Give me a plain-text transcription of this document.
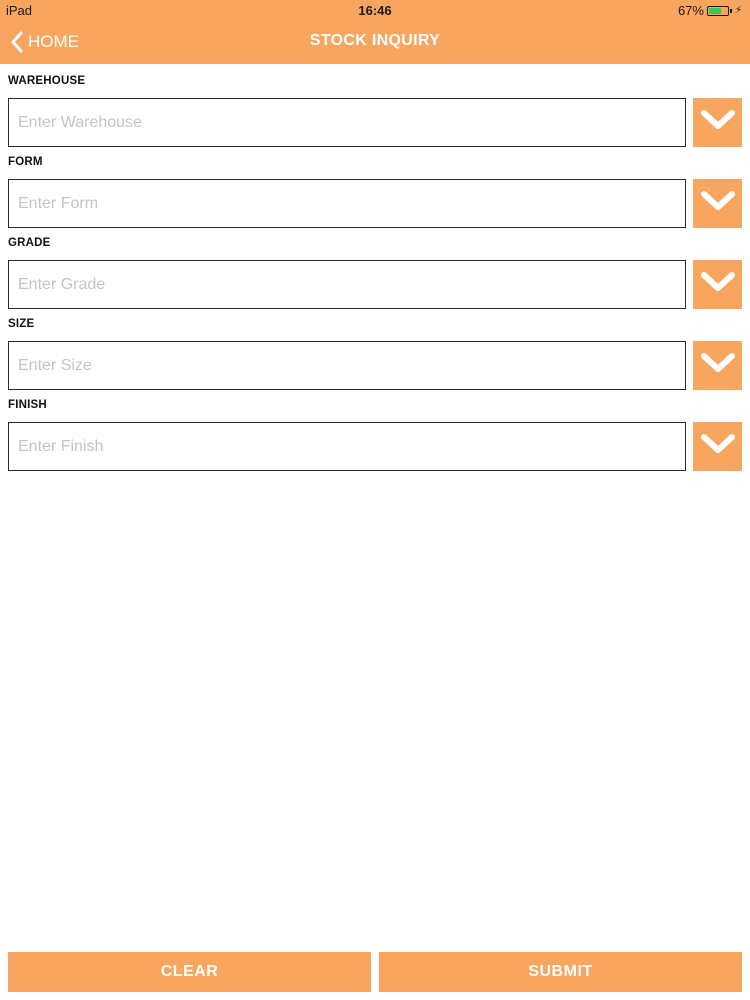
iPad	16:46	67%	⚡
HOME	STOCK INQUIRY
WAREHOUSE
Enter Warehouse
FORM
Enter Form
GRADE
Enter Grade
SIZE
Enter Size
FINISH
Enter Finish
CLEAR	SUBMIT
